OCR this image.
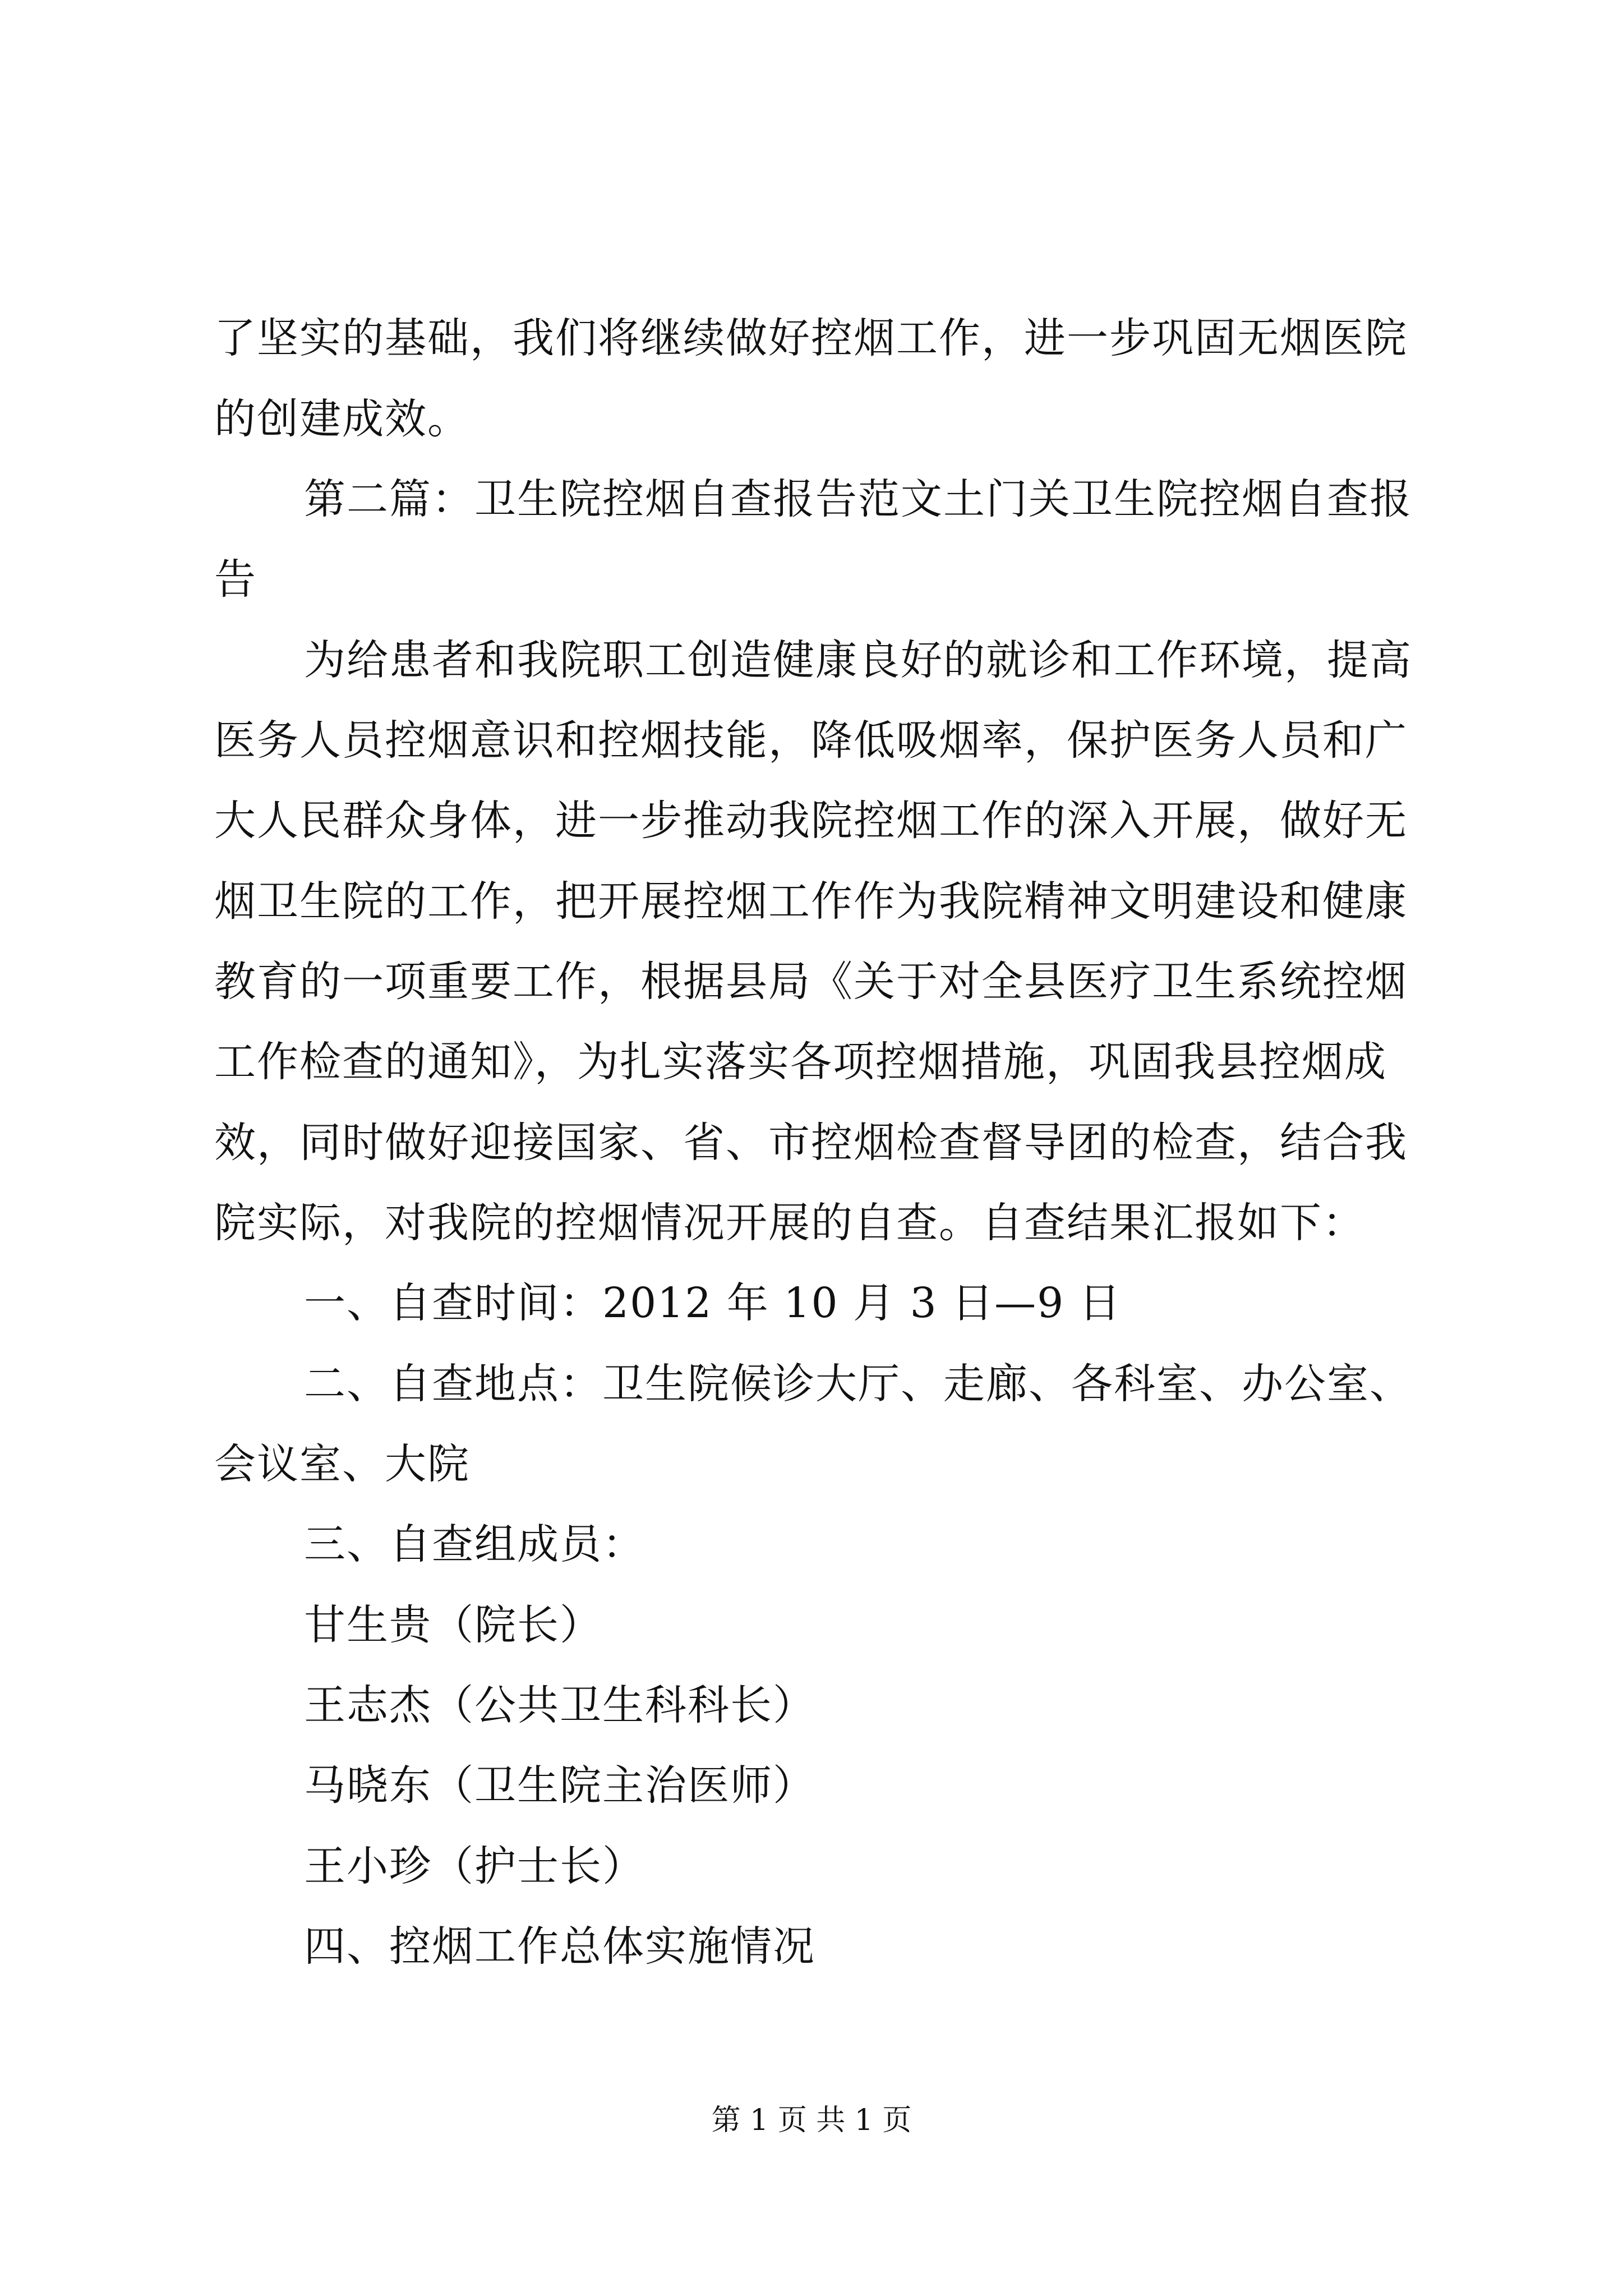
了坚实的基础，我们将继续做好控烟工作，进一步巩固无烟医院
的创建成效。
第二篇：卫生院控烟自查报告范文土门关卫生院控烟自查报
告
为给患者和我院职工创造健康良好的就诊和工作环境，提高
医务人员控烟意识和控烟技能，降低吸烟率，保护医务人员和广
大人民群众身体，进一步推动我院控烟工作的深入开展，做好无
烟卫生院的工作，把开展控烟工作作为我院精神文明建设和健康
教育的一项重要工作，根据县局《关于对全县医疗卫生系统控烟
工作检查的通知》，为扎实落实各项控烟措施，巩固我县控烟成
效，同时做好迎接国家、省、市控烟检查督导团的检查，结合我
院实际，对我院的控烟情况开展的自查。自查结果汇报如下：
一、自查时间：2012 年 10 月 3 日—9 日
二、自查地点：卫生院候诊大厅、走廊、各科室、办公室、
会议室、大院
三、自查组成员：
甘生贵（院长）
王志杰（公共卫生科科长）
马晓东（卫生院主治医师）
王小珍（护士长）
四、控烟工作总体实施情况
第 1 页 共 1 页
